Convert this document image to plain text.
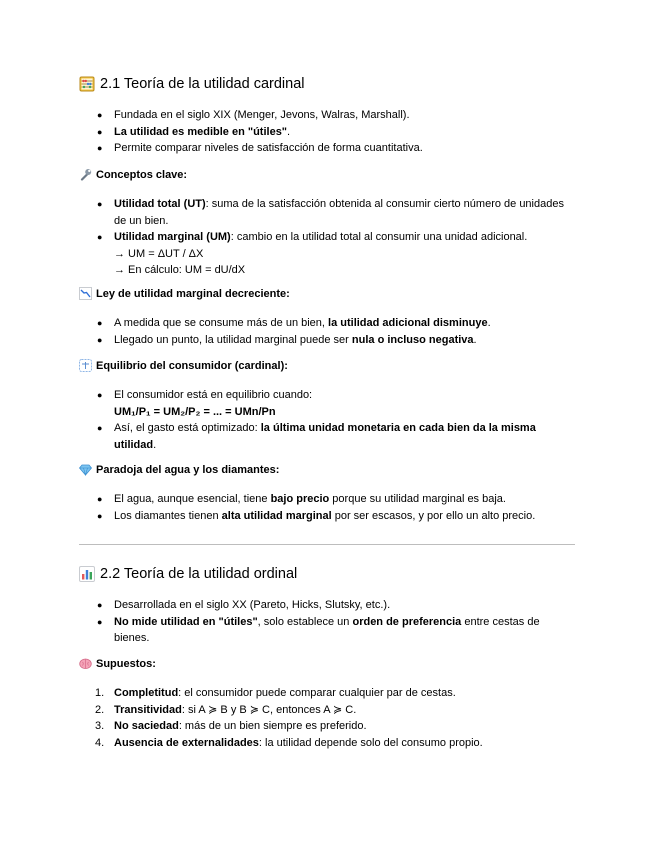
2.1 Teoría de la utilidad cardinal
● Fundada en el siglo XIX (Menger, Jevons, Walras, Marshall).
● La utilidad es medible en "útiles".
● Permite comparar niveles de satisfacción de forma cuantitativa.
Conceptos clave:
● Utilidad total (UT): suma de la satisfacción obtenida al consumir cierto número de unidades de un bien.
● Utilidad marginal (UM): cambio en la utilidad total al consumir una unidad adicional.
→ UM = ΔUT / ΔX
→ En cálculo: UM = dU/dX
Ley de utilidad marginal decreciente:
● A medida que se consume más de un bien, la utilidad adicional disminuye.
● Llegado un punto, la utilidad marginal puede ser nula o incluso negativa.
Equilibrio del consumidor (cardinal):
● El consumidor está en equilibrio cuando:
UM₁/P₁ = UM₂/P₂ = ... = UMn/Pn
● Así, el gasto está optimizado: la última unidad monetaria en cada bien da la misma utilidad.
Paradoja del agua y los diamantes:
● El agua, aunque esencial, tiene bajo precio porque su utilidad marginal es baja.
● Los diamantes tienen alta utilidad marginal por ser escasos, y por ello un alto precio.
2.2 Teoría de la utilidad ordinal
● Desarrollada en el siglo XX (Pareto, Hicks, Slutsky, etc.).
● No mide utilidad en "útiles", solo establece un orden de preferencia entre cestas de bienes.
Supuestos:
1. Completitud: el consumidor puede comparar cualquier par de cestas.
2. Transitividad: si A ≽ B y B ≽ C, entonces A ≽ C.
3. No saciedad: más de un bien siempre es preferido.
4. Ausencia de externalidades: la utilidad depende solo del consumo propio.
